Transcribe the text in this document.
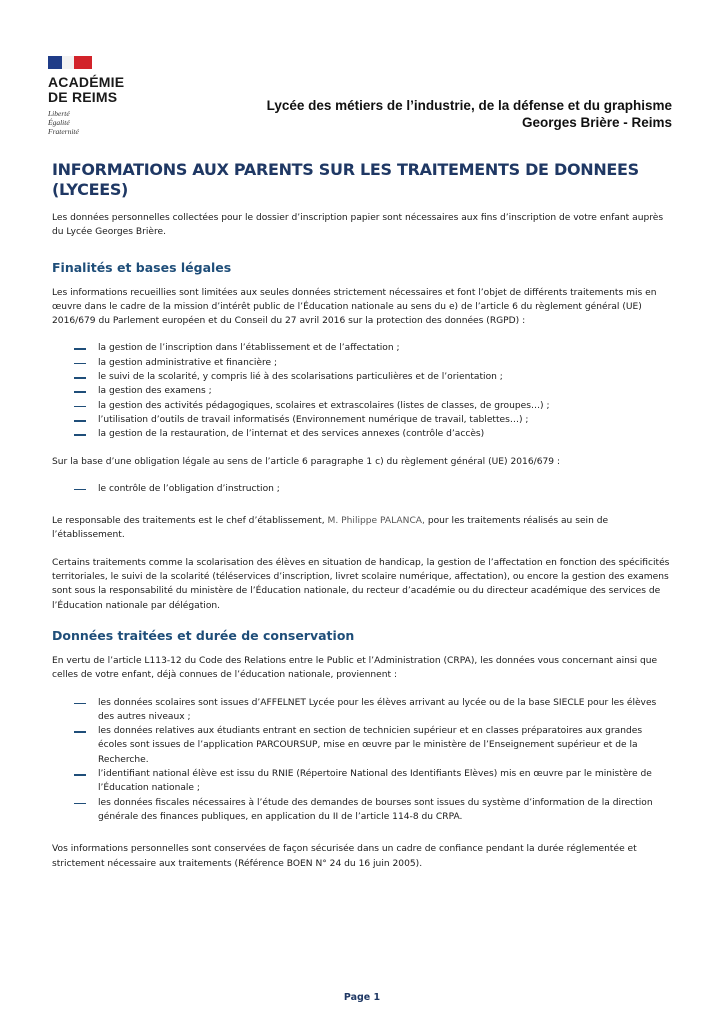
ACADÉMIE
DE REIMS
Liberté
Égalité
Fraternité
Lycée des métiers de l’industrie, de la défense et du graphisme
Georges Brière - Reims
INFORMATIONS AUX PARENTS SUR LES TRAITEMENTS DE DONNEES (LYCEES)

Les données personnelles collectées pour le dossier d’inscription papier sont nécessaires aux fins d’inscription de votre enfant auprès du Lycée Georges Brière.

Finalités et bases légales

Les informations recueillies sont limitées aux seules données strictement nécessaires et font l’objet de différents traitements mis en œuvre dans le cadre de la mission d’intérêt public de l’Éducation nationale au sens du e) de l’article 6 du règlement général (UE) 2016/679 du Parlement européen et du Conseil du 27 avril 2016 sur la protection des données (RGPD) :

la gestion de l’inscription dans l’établissement et de l’affectation ;
la gestion administrative et financière ;
le suivi de la scolarité, y compris lié à des scolarisations particulières et de l’orientation ;
la gestion des examens ;
la gestion des activités pédagogiques, scolaires et extrascolaires (listes de classes, de groupes…) ;
l’utilisation d’outils de travail informatisés (Environnement numérique de travail, tablettes…) ;
la gestion de la restauration, de l’internat et des services annexes (contrôle d’accès)

Sur la base d’une obligation légale au sens de l’article 6 paragraphe 1 c) du règlement général (UE) 2016/679 :

le contrôle de l’obligation d’instruction ;

Le responsable des traitements est le chef d’établissement, M. Philippe PALANCA, pour les traitements réalisés au sein de l’établissement.

Certains traitements comme la scolarisation des élèves en situation de handicap, la gestion de l’affectation en fonction des spécificités territoriales, le suivi de la scolarité (téléservices d’inscription, livret scolaire numérique, affectation), ou encore la gestion des examens sont sous la responsabilité du ministère de l’Éducation nationale, du recteur d’académie ou du directeur académique des services de l’Éducation nationale par délégation.

Données traitées et durée de conservation

En vertu de l’article L113-12 du Code des Relations entre le Public et l’Administration (CRPA), les données vous concernant ainsi que celles de votre enfant, déjà connues de l’éducation nationale, proviennent :

les données scolaires sont issues d’AFFELNET Lycée pour les élèves arrivant au lycée ou de la base SIECLE pour les élèves des autres niveaux ;
les données relatives aux étudiants entrant en section de technicien supérieur et en classes préparatoires aux grandes écoles sont issues de l’application PARCOURSUP, mise en œuvre par le ministère de l’Enseignement supérieur et de la Recherche.
l’identifiant national élève est issu du RNIE (Répertoire National des Identifiants Elèves) mis en œuvre par le ministère de l’Éducation nationale ;
les données fiscales nécessaires à l’étude des demandes de bourses sont issues du système d’information de la direction générale des finances publiques, en application du II de l’article 114-8 du CRPA.

Vos informations personnelles sont conservées de façon sécurisée dans un cadre de confiance pendant la durée réglementée et strictement nécessaire aux traitements (Référence BOEN N° 24 du 16 juin 2005).

Page 1
